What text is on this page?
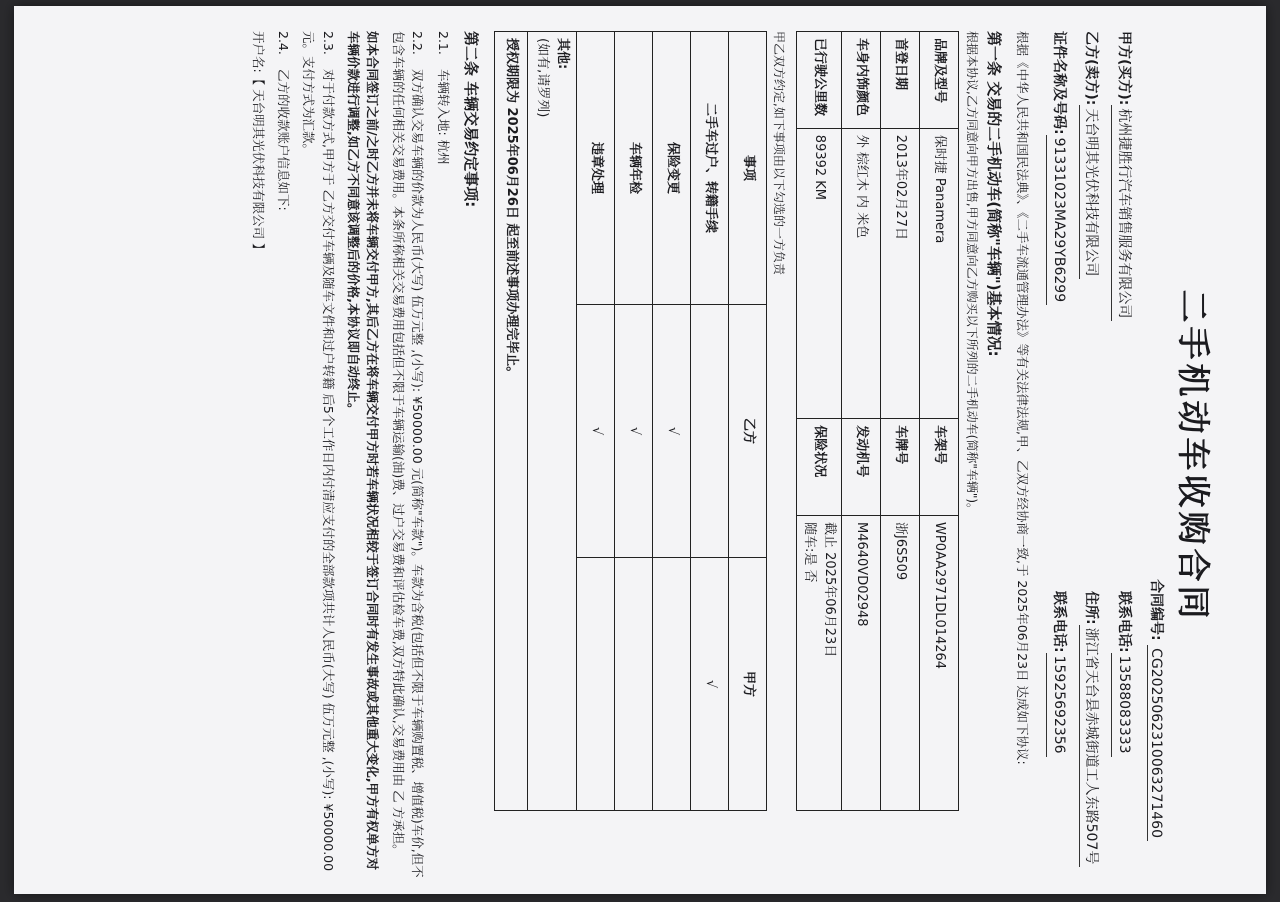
二手机动车收购合同
合同编号: CG20250623100632714​60
甲方(买方):
杭州捷胜行汽车销售服务有限公司
联系电话:
13588083333
乙方(卖方):
天台明其光伏科技有限公司
住所:
浙江省天台县赤城街道工人东路507号
证件名称及号码:
91331023MA29YB6299
联系电话:
15925692356
根据《中华人民共和国民法典》、《二手车流通管理办法》等有关法律法规,甲、乙双方经协商一致,于 2025年06月23日 达成如下协议:
第一条 交易的二手机动车(简称"车辆")基本情况:
根据本协议,乙方同意向甲方出售,甲方同意向乙方购买以下所列的二手机动车(简称"车辆")。
品牌及型号	保时捷 Panamera	车架号	WP0AA2971DL014264
首登日期	2013年02月27日	车牌号	浙J6S509
车身内饰颜色	外 棕红木 内 米色	发动机号	M4640VD02948
已行驶公里数	89392 KM	保险状况	截止 2025年06月23日
随车:是 否
甲乙双方约定,如下事项由以下勾选的一方负责
事项	乙方	甲方
二手车过户、转籍手续		√
保险变更	√	
车辆年检	√	
违章处理	√	

其他:
(如有,请罗列)		
授权期限为 2025年06月26日 起至前述事项办理完毕止。
第二条 车辆交易约定事项:
2.1.车辆转入地: 杭州
2.2.双方确认交易车辆的价款为人民币(大写) 伍万元整 ,(小写): ¥50000.00 元(简称"车款")。车款为含税(包括但不限于车辆购置税、增值税)车价,但不包含车辆的任何相关交易费用。本条所称相关交易费用包括但不限于车辆运输(油)费、过户交易费和评估检车费,双方特此确认,交易费用由 乙 方承担。
如本合同签订之前/之时乙方并未将车辆交付甲方,其后乙方在将车辆交付甲方时若车辆状况相较于签订合同时有发生事故或其他重大变化,甲方有权单方对车辆价款进行调整,如乙方不同意该调整后的价格,本协议即自动终止。
2.3.对于付款方式,甲方于 乙方交付车辆及随车文件和过户转籍 后5个工作日内付清应支付的全部款项共计人民币(大写) 伍万元整 ,(小写): ¥50000.00 元。支付方式为汇款。
2.4.乙方的收款账户信息如下:
开户名:【 天台明其光伏科技有限公司 】
